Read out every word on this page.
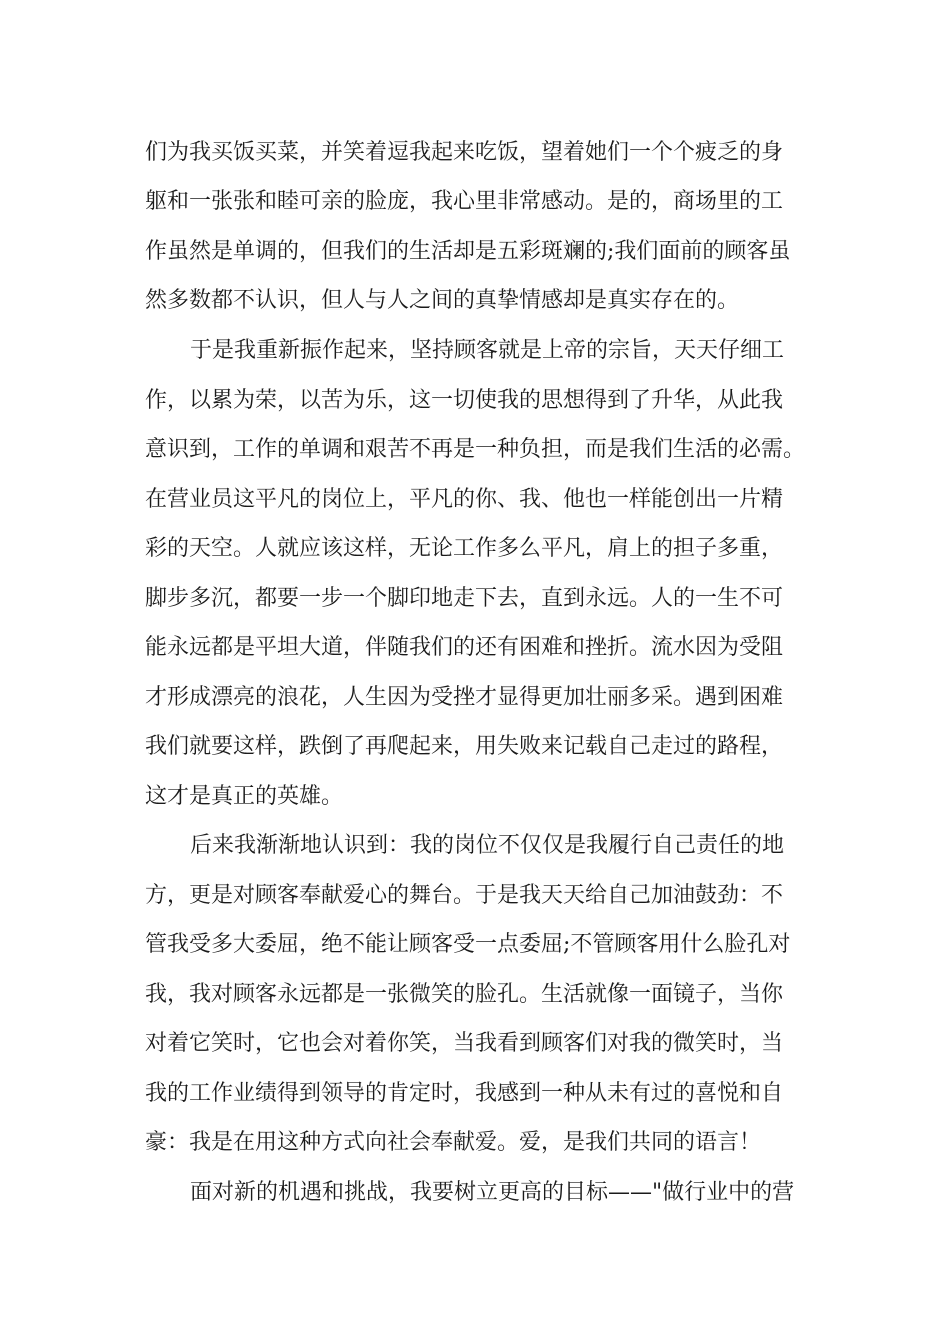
们为我买饭买菜，并笑着逗我起来吃饭，望着她们一个个疲乏的身
躯和一张张和睦可亲的脸庞，我心里非常感动。是的，商场里的工
作虽然是单调的，但我们的生活却是五彩斑斓的;我们面前的顾客虽
然多数都不认识，但人与人之间的真挚情感却是真实存在的。
于是我重新振作起来，坚持顾客就是上帝的宗旨，天天仔细工
作，以累为荣，以苦为乐，这一切使我的思想得到了升华，从此我
意识到，工作的单调和艰苦不再是一种负担，而是我们生活的必需。
在营业员这平凡的岗位上，平凡的你、我、他也一样能创出一片精
彩的天空。人就应该这样，无论工作多么平凡，肩上的担子多重，
脚步多沉，都要一步一个脚印地走下去，直到永远。人的一生不可
能永远都是平坦大道，伴随我们的还有困难和挫折。流水因为受阻
才形成漂亮的浪花，人生因为受挫才显得更加壮丽多采。遇到困难
我们就要这样，跌倒了再爬起来，用失败来记载自己走过的路程，
这才是真正的英雄。
后来我渐渐地认识到：我的岗位不仅仅是我履行自己责任的地
方，更是对顾客奉献爱心的舞台。于是我天天给自己加油鼓劲：不
管我受多大委屈，绝不能让顾客受一点委屈;不管顾客用什么脸孔对
我，我对顾客永远都是一张微笑的脸孔。生活就像一面镜子，当你
对着它笑时，它也会对着你笑，当我看到顾客们对我的微笑时，当
我的工作业绩得到领导的肯定时，我感到一种从未有过的喜悦和自
豪：我是在用这种方式向社会奉献爱。爱，是我们共同的语言！
面对新的机遇和挑战，我要树立更高的目标——"做行业中的营
